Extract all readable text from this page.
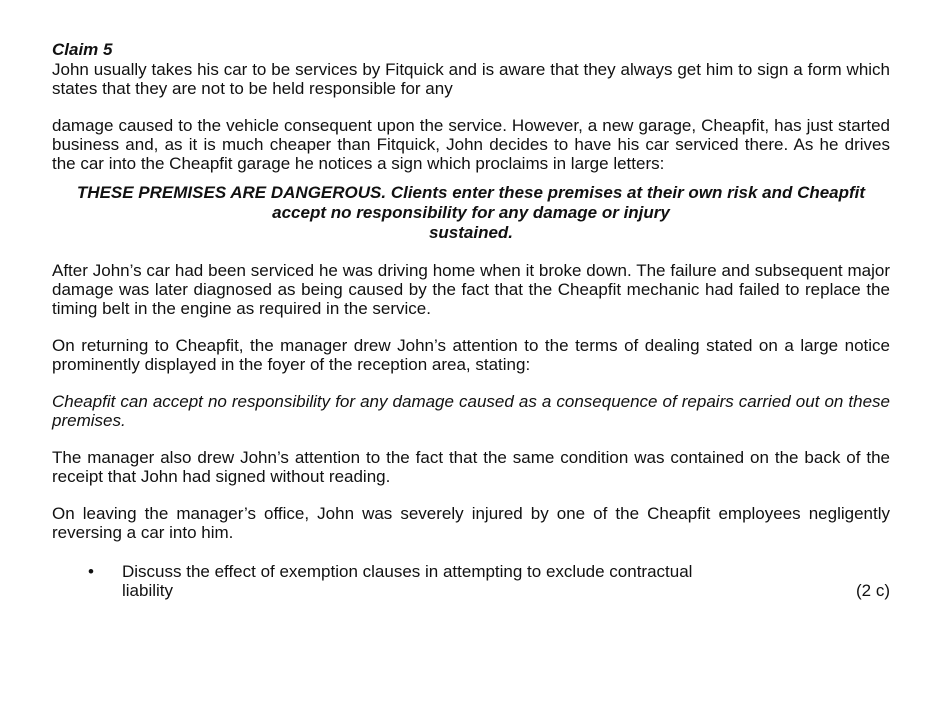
Claim 5
John usually takes his car to be services by Fitquick and is aware that they always get him to sign a form which states that they are not to be held responsible for any
damage caused to the vehicle consequent upon the service. However, a new garage, Cheapfit, has just started business and, as it is much cheaper than Fitquick, John decides to have his car serviced there. As he drives the car into the Cheapfit garage he notices a sign which proclaims in large letters:
THESE PREMISES ARE DANGEROUS. Clients enter these premises at their own risk and Cheapfit accept no responsibility for any damage or injury
sustained.
After John’s car had been serviced he was driving home when it broke down. The failure and subsequent major damage was later diagnosed as being caused by the fact that the Cheapfit mechanic had failed to replace the timing belt in the engine as required in the service.
On returning to Cheapfit, the manager drew John’s attention to the terms of dealing stated on a large notice prominently displayed in the foyer of the reception area, stating:
Cheapfit can accept no responsibility for any damage caused as a consequence of repairs carried out on these premises.
The manager also drew John’s attention to the fact that the same condition was contained on the back of the receipt that John had signed without reading.
On leaving the manager’s office, John was severely injured by one of the Cheapfit employees negligently reversing a car into him.
•	Discuss the effect of exemption clauses in attempting to exclude contractual
liability	(2 c)
